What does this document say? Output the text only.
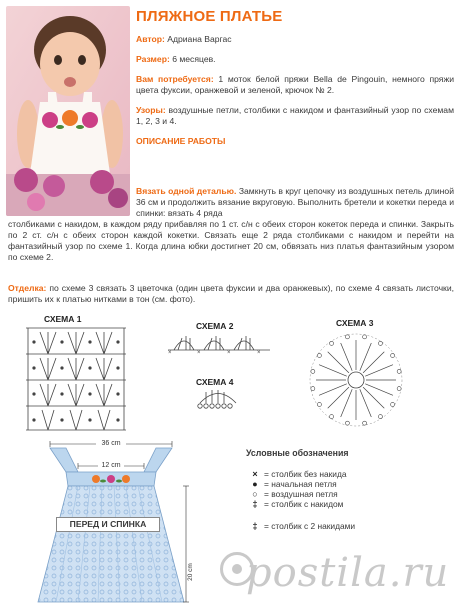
ПЛЯЖНОЕ ПЛАТЬЕ
Автор: Адриана Варгас
Размер: 6 месяцев.
Вам потребуется: 1 моток белой пряжи Bella de Pingouin, немного пряжи цвета фуксии, оранжевой и зеленой, крючок № 2.
Узоры: воздушные петли, столбики с накидом и фантазийный узор по схемам 1, 2, 3 и 4.
ОПИСАНИЕ РАБОТЫ
Вязать одной деталью. Замкнуть в круг цепочку из воздушных петель длиной 36 см и продолжить вязание вкруговую. Выполнить бретели и кокетки переда и спинки: вязать 4 ряда
столбиками с накидом, в каждом ряду прибавляя по 1 ст. с/н с обеих сторон кокеток переда и спинки. Закрыть по 2 ст. с/н с обеих сторон каждой кокетки. Связать еще 2 ряда столбиками с накидом и перейти на фантазийный узор по схеме 1. Когда длина юбки достигнет 20 см, обвязать низ платья фантазийным узором по схеме 2.
Отделка: по схеме 3 связать 3 цветочка (один цвета фуксии и два оранжевых), по схеме 4 связать листочки, пришить их к платью нитками в тон (см. фото).
СХЕМА 1
СХЕМА 2	СХЕМА 3
СХЕМА 4
×	×	×	×
36 cm
12 cm
20 cm
ПЕРЕД И СПИНКА
Условные обозначения
× = столбик без накида
● = начальная петля
○ = воздушная петля
‡ = столбик с накидом
‡ = столбик с 2 накидами
postila.ru
